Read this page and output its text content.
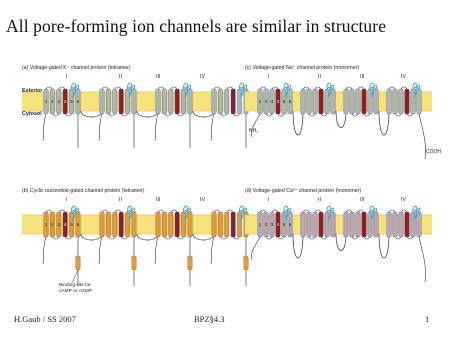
All pore-forming ion channels are similar in structure
1 2 3 4 5 6	1 2 3 4 5 6
1 2 3 4 5 6	1 2 3 4 5 6
(a) Voltage-gated K⁺ channel protein (tetramer)	(c) Voltage-gated Na⁺ channel protein (monomer)
(b) Cyclic nucleotide-gated channel protein (tetramer)	(d) Voltage-gated Ca²⁺ channel protein (monomer)
Exterior
Cytosol
I	II	III	IV	I	II	III	IV
I	II	III	IV	I	II	III	IV
NH₂
COOH
Binding site for
cAMP or cGMP
H.Gaub / SS 2007	BPZ§4.3	1
